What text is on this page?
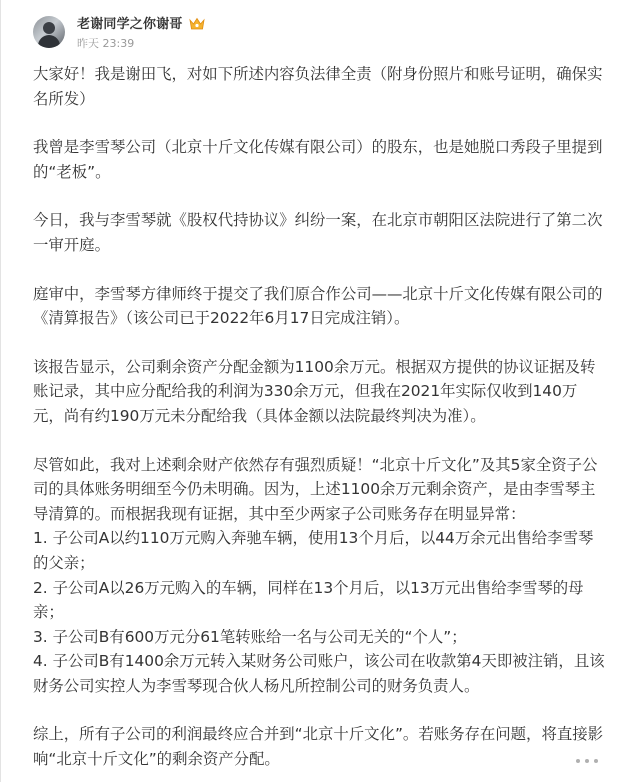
老谢同学之你谢哥
昨天 23:39

大家好！我是谢田飞，对如下所述内容负法律全责（附身份照片和账号证明，确保实名所发）

我曾是李雪琴公司（北京十斤文化传媒有限公司）的股东，也是她脱口秀段子里提到的“老板”。

今日，我与李雪琴就《股权代持协议》纠纷一案，在北京市朝阳区法院进行了第二次一审开庭。

庭审中，李雪琴方律师终于提交了我们原合作公司——北京十斤文化传媒有限公司的《清算报告》（该公司已于2022年6月17日完成注销）。

该报告显示，公司剩余资产分配金额为1100余万元。根据双方提供的协议证据及转账记录，其中应分配给我的利润为330余万元，但我在2021年实际仅收到140万元，尚有约190万元未分配给我（具体金额以法院最终判决为准）。

尽管如此，我对上述剩余财产依然存有强烈质疑！“北京十斤文化”及其5家全资子公司的具体账务明细至今仍未明确。因为，上述1100余万元剩余资产，是由李雪琴主导清算的。而根据我现有证据，其中至少两家子公司账务存在明显异常：
1. 子公司A以约110万元购入奔驰车辆，使用13个月后，以44万余元出售给李雪琴的父亲；
2. 子公司A以26万元购入的车辆，同样在13个月后，以13万元出售给李雪琴的母亲；
3. 子公司B有600万元分61笔转账给一名与公司无关的“个人”；
4. 子公司B有1400余万元转入某财务公司账户，该公司在收款第4天即被注销，且该财务公司实控人为李雪琴现合伙人杨凡所控制公司的财务负责人。

综上，所有子公司的利润最终应合并到“北京十斤文化”。若账务存在问题，将直接影响“北京十斤文化”的剩余资产分配。
